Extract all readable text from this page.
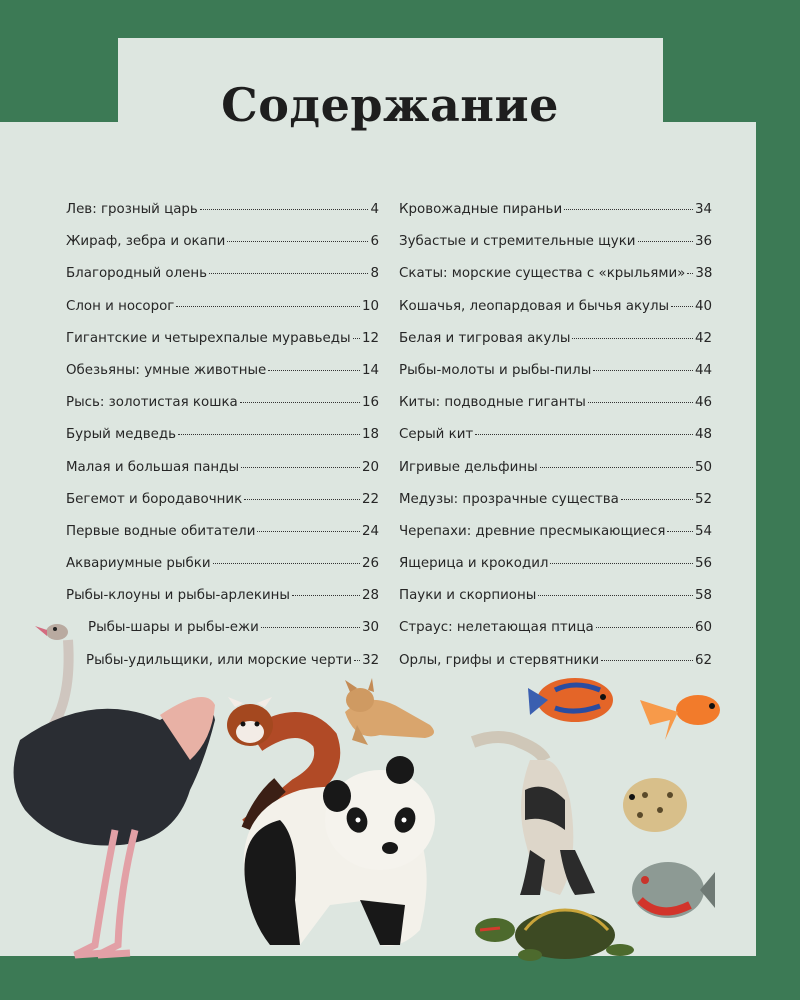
Содержание
Лев: грозный царь	4
Жираф, зебра и окапи	6
Благородный олень	8
Слон и носорог	10
Гигантские и четырехпалые муравьеды 12
Обезьяны: умные животные	14
Рысь: золотистая кошка	16
Бурый медведь	18
Малая и большая панды	20
Бегемот и бородавочник	22
Первые водные обитатели	24
Аквариумные рыбки	26
Рыбы-клоуны и рыбы-арлекины	28
Рыбы-шары и рыбы-ежи	30
Рыбы-удильщики, или морские черти 32
Кровожадные пираньи	34
Зубастые и стремительные щуки	36
Скаты: морские существа с «крыльями» 38
Кошачья, леопардовая и бычья акулы 40
Белая и тигровая акулы	42
Рыбы-молоты и рыбы-пилы	44
Киты: подводные гиганты	46
Серый кит	48
Игривые дельфины	50
Медузы: прозрачные существа	52
Черепахи: древние пресмыкающиеся 54
Ящерица и крокодил	56
Пауки и скорпионы	58
Страус: нелетающая птица	60
Орлы, грифы и стервятники	62
